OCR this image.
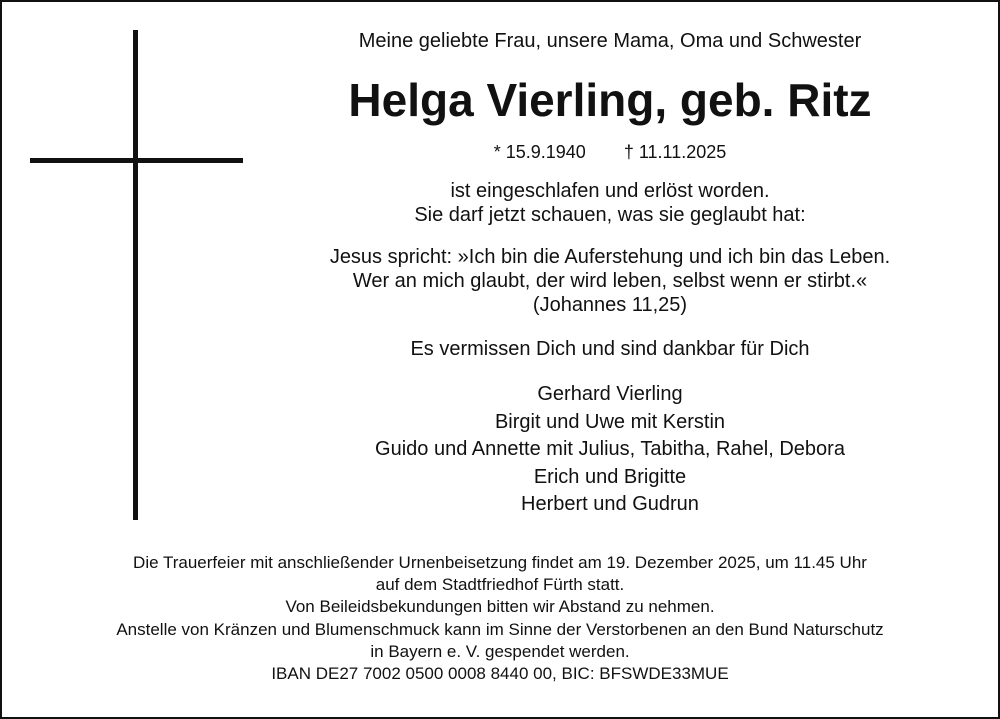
Meine geliebte Frau, unsere Mama, Oma und Schwester
Helga Vierling, geb. Ritz
* 15.9.1940 † 11.11.2025
ist eingeschlafen und erlöst worden.
Sie darf jetzt schauen, was sie geglaubt hat:
Jesus spricht: »Ich bin die Auferstehung und ich bin das Leben.
Wer an mich glaubt, der wird leben, selbst wenn er stirbt.«
(Johannes 11,25)
Es vermissen Dich und sind dankbar für Dich
Gerhard Vierling
Birgit und Uwe mit Kerstin
Guido und Annette mit Julius, Tabitha, Rahel, Debora
Erich und Brigitte
Herbert und Gudrun
Die Trauerfeier mit anschließender Urnenbeisetzung findet am 19. Dezember 2025, um 11.45 Uhr
auf dem Stadtfriedhof Fürth statt.
Von Beileidsbekundungen bitten wir Abstand zu nehmen.
Anstelle von Kränzen und Blumenschmuck kann im Sinne der Verstorbenen an den Bund Naturschutz
in Bayern e. V. gespendet werden.
IBAN DE27 7002 0500 0008 8440 00, BIC: BFSWDE33MUE
